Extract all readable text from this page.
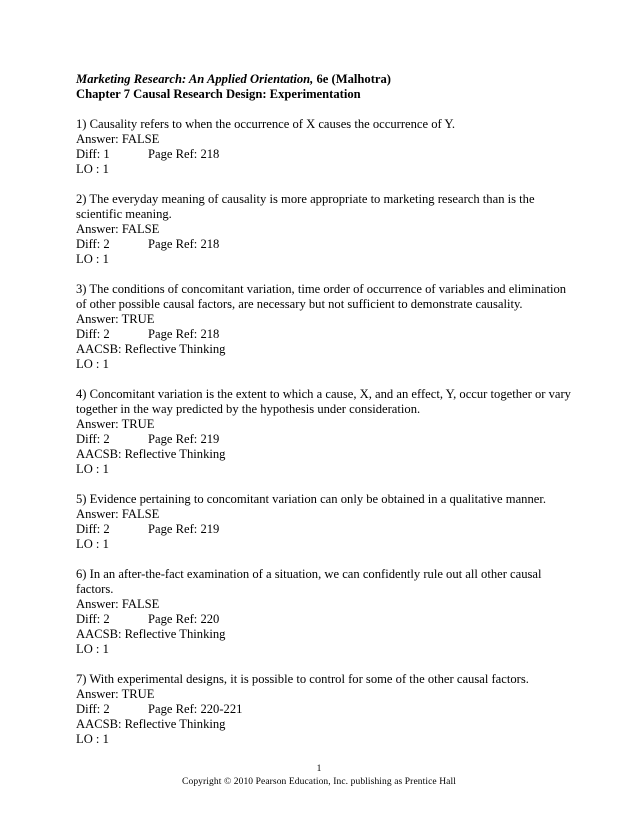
Marketing Research: An Applied Orientation, 6e (Malhotra)
Chapter 7 Causal Research Design: Experimentation
1) Causality refers to when the occurrence of X causes the occurrence of Y.
Answer: FALSE
Diff: 1	Page Ref: 218
LO : 1
2) The everyday meaning of causality is more appropriate to marketing research than is the scientific meaning.
Answer: FALSE
Diff: 2	Page Ref: 218
LO : 1
3) The conditions of concomitant variation, time order of occurrence of variables and elimination of other possible causal factors, are necessary but not sufficient to demonstrate causality.
Answer: TRUE
Diff: 2	Page Ref: 218
AACSB: Reflective Thinking
LO : 1
4) Concomitant variation is the extent to which a cause, X, and an effect, Y, occur together or vary together in the way predicted by the hypothesis under consideration.
Answer: TRUE
Diff: 2	Page Ref: 219
AACSB: Reflective Thinking
LO : 1
5) Evidence pertaining to concomitant variation can only be obtained in a qualitative manner.
Answer: FALSE
Diff: 2	Page Ref: 219
LO : 1
6) In an after-the-fact examination of a situation, we can confidently rule out all other causal factors.
Answer: FALSE
Diff: 2	Page Ref: 220
AACSB: Reflective Thinking
LO : 1
7) With experimental designs, it is possible to control for some of the other causal factors.
Answer: TRUE
Diff: 2	Page Ref: 220-221
AACSB: Reflective Thinking
LO : 1
1
Copyright © 2010 Pearson Education, Inc. publishing as Prentice Hall
